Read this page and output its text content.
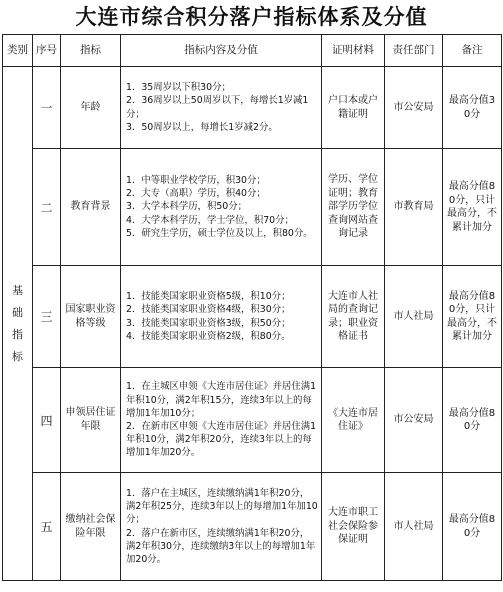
大连市综合积分落户指标体系及分值
类别	序号	指标	指标内容及分值	证明材料	责任部门	备注

基础指标	一	年龄	1．35周岁以下积30分；
2．36周岁以上50周岁以下，每增长1岁减1分；
3．50周岁以上，每增长1岁减2分。	户口本或户籍证明	市公安局	最高分值30分
	二	教育背景	1．中等职业学校学历，积30分；
2．大专（高职）学历，积40分；
3．大学本科学历，积50分；
4．大学本科学历，学士学位，积70分；
5．研究生学历，硕士学位及以上，积80分。	学历、学位证明；教育部学历学位查询网站查询记录	市教育局	最高分值80分，只计最高分，不累计加分
	三	国家职业资格等级	1．技能类国家职业资格5级，积10分；
2．技能类国家职业资格4级，积30分；
3．技能类国家职业资格3级，积50分；
4．技能类国家职业资格2级，积80分。	大连市人社局的查询记录；职业资格证书	市人社局	最高分值80分，只计最高分，不累计加分
	四	申领居住证年限	1．在主城区申领《大连市居住证》并居住满1年积10分，满2年积15分，连续3年以上的每增加1年加10分；
2．在新市区申领《大连市居住证》并居住满1年积10分，满2年积20分，连续3年以上的每增加1年加20分。	《大连市居住证》	市公安局	最高分值80分
	五	缴纳社会保险年限	1．落户在主城区，连续缴纳满1年积20分，满2年积25分，连续3年以上的每增加1年加10分；
2．落户在新市区，连续缴纳满1年积20分，满2年积30分，连续缴纳3年以上的每增加1年加20分。	大连市职工社会保险参保证明	市人社局	最高分值80分
